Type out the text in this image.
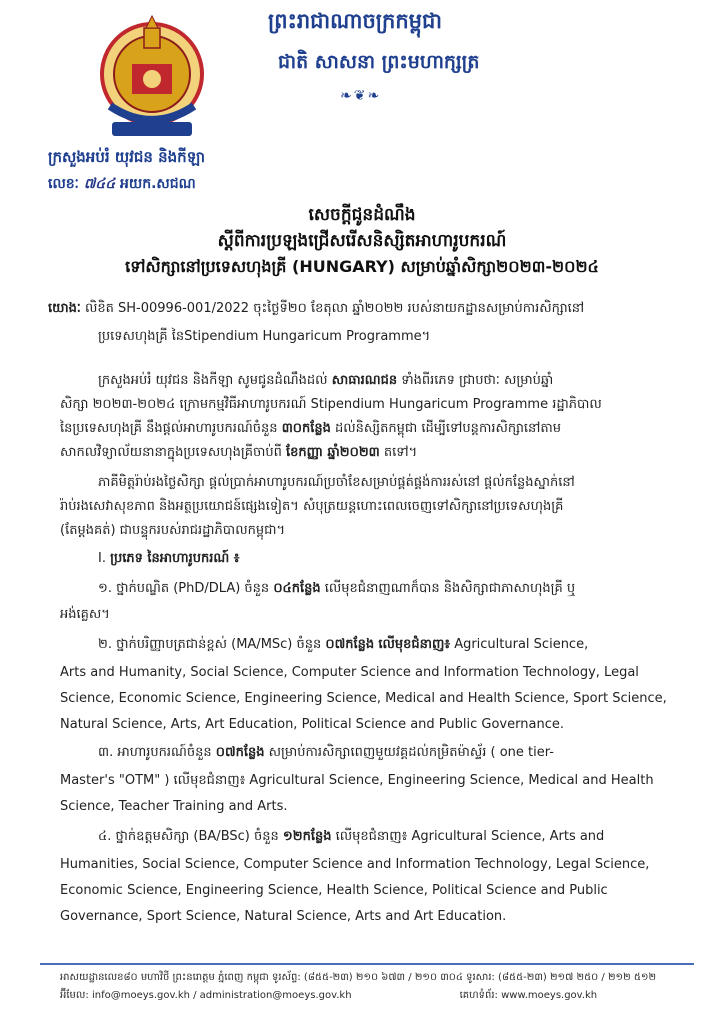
ព្រះរាជាណាចក្រកម្ពុជា
ជាតិ សាសនា ព្រះមហាក្សត្រ
❧❦❧
ក្រសួងអប់រំ យុវជន និងកីឡា
លេខៈ ៧៤៤ អយក.សជណ
សេចក្ដីជូនដំណឹង
ស្ដីពីការប្រឡងជ្រើសរើសនិស្សិតអាហារូបករណ៍
ទៅសិក្សានៅប្រទេសហុងគ្រី (HUNGARY) សម្រាប់ឆ្នាំសិក្សា២០២៣-២០២៤
យោងៈ លិខិត SH-00996-001/2022 ចុះថ្ងៃទី២០ ខែតុលា ឆ្នាំ២០២២ របស់នាយកដ្ឋានសម្រាប់ការសិក្សានៅ
ប្រទេសហុងគ្រី នៃStipendium Hungaricum Programme។
ក្រសួងអប់រំ យុវជន និងកីឡា សូមជូនដំណឹងដល់ សាធារណជន ទាំងពីរភេទ ជ្រាបថាៈ សម្រាប់ឆ្នាំ
សិក្សា ២០២៣-២០២៤ ក្រោមកម្មវិធីអាហារូបករណ៍ Stipendium Hungaricum Programme រដ្ឋាភិបាល
នៃប្រទេសហុងគ្រី នឹងផ្ដល់អាហារូបករណ៍ចំនួន ៣០កន្លែង ដល់និស្សិតកម្ពុជា ដើម្បីទៅបន្តការសិក្សានៅតាម
សាកលវិទ្យាល័យនានាក្នុងប្រទេសហុងគ្រីចាប់ពី ខែកញ្ញា ឆ្នាំ២០២៣ តទៅ។
ភាគីមិត្តរ៉ាប់រងថ្លៃសិក្សា ផ្ដល់ប្រាក់អាហារូបករណ៍ប្រចាំខែសម្រាប់ផ្គត់ផ្គង់ការរស់នៅ ផ្ដល់កន្លែងស្នាក់នៅ
រ៉ាប់រងសេវាសុខភាព និងអត្ថប្រយោជន៍ផ្សេងទៀត។ សំបុត្រយន្តហោះពេលចេញទៅសិក្សានៅប្រទេសហុងគ្រី
(តែម្ដងគត់) ជាបន្ទុករបស់រាជរដ្ឋាភិបាលកម្ពុជា។
I. ប្រភេទ នៃអាហារូបករណ៍ ៖
១. ថ្នាក់បណ្ឌិត (PhD/DLA) ចំនួន ០៤កន្លែង លើមុខជំនាញណាក៏បាន និងសិក្សាជាភាសាហុងគ្រី ឬ
អង់គ្លេស។
២. ថ្នាក់បរិញ្ញាបត្រជាន់ខ្ពស់ (MA/MSc) ចំនួន ០៧កន្លែង លើមុខជំនាញ៖ Agricultural Science,
Arts and Humanity, Social Science, Computer Science and Information Technology, Legal
Science, Economic Science, Engineering Science, Medical and Health Science, Sport Science,
Natural Science, Arts, Art Education, Political Science and Public Governance.
៣. អាហារូបករណ៍ចំនួន ០៧កន្លែង សម្រាប់ការសិក្សាពេញមួយវគ្គដល់កម្រិតម៉ាស្ទ័រ ( one tier-
Master's "OTM" ) លើមុខជំនាញ៖ Agricultural Science, Engineering Science, Medical and Health
Science, Teacher Training and Arts.
៤. ថ្នាក់ឧត្តមសិក្សា (BA/BSc) ចំនួន ១២កន្លែង លើមុខជំនាញ៖ Agricultural Science, Arts and
Humanities, Social Science, Computer Science and Information Technology, Legal Science,
Economic Science, Engineering Science, Health Science, Political Science and Public
Governance, Sport Science, Natural Science, Arts and Art Education.
អាសយដ្ឋានលេខ៨០ មហាវិថី ព្រះនរោត្តម ភ្នំពេញ កម្ពុជា ទូរស័ព្ទ: (៨៥៥-២៣) ២១០ ៦៧៣ / ២១០ ៣០៤ ទូរសារ: (៨៥៥-២៣) ២១៧ ២៥០ / ២១២ ៥១២
អ៊ីមែល: info@moeys.gov.kh / administration@moeys.gov.kh	គេហទំព័រ: www.moeys.gov.kh
